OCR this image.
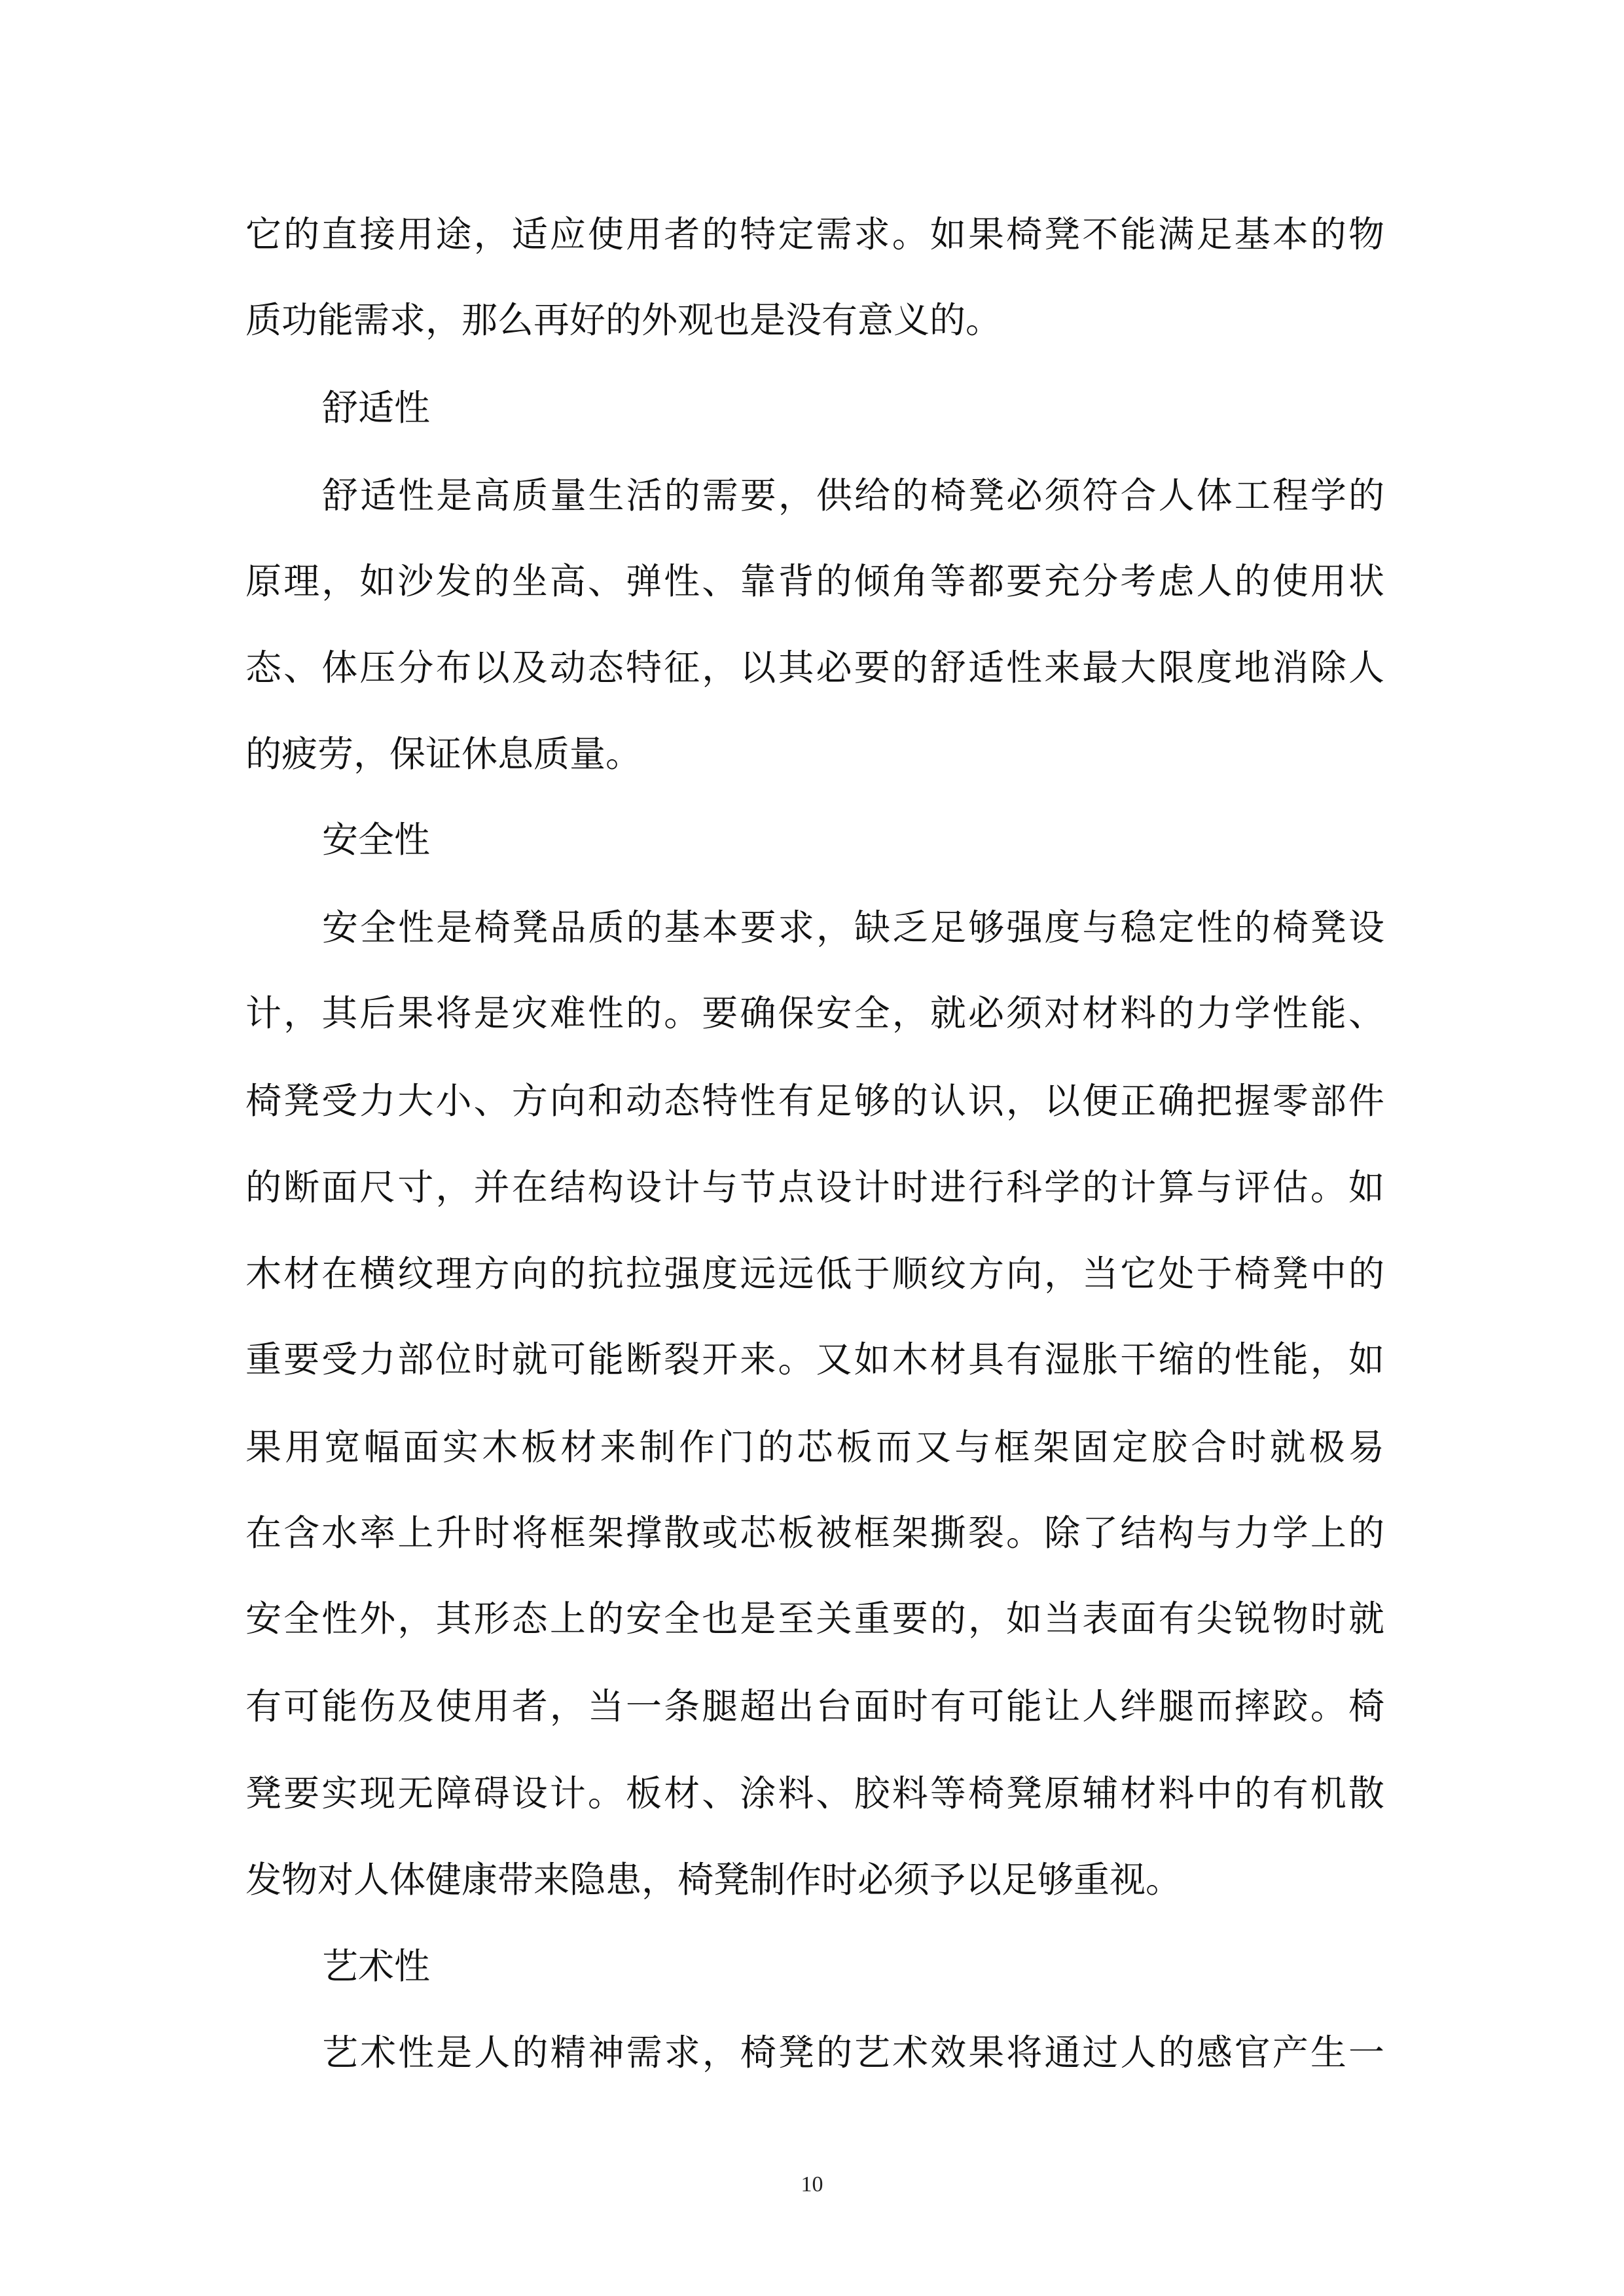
它的直接用途，适应使用者的特定需求。如果椅凳不能满足基本的物
质功能需求，那么再好的外观也是没有意义的。
舒适性
舒适性是高质量生活的需要，供给的椅凳必须符合人体工程学的
原理，如沙发的坐高、弹性、靠背的倾角等都要充分考虑人的使用状
态、体压分布以及动态特征，以其必要的舒适性来最大限度地消除人
的疲劳，保证休息质量。
安全性
安全性是椅凳品质的基本要求，缺乏足够强度与稳定性的椅凳设
计，其后果将是灾难性的。要确保安全，就必须对材料的力学性能、
椅凳受力大小、方向和动态特性有足够的认识，以便正确把握零部件
的断面尺寸，并在结构设计与节点设计时进行科学的计算与评估。如
木材在横纹理方向的抗拉强度远远低于顺纹方向，当它处于椅凳中的
重要受力部位时就可能断裂开来。又如木材具有湿胀干缩的性能，如
果用宽幅面实木板材来制作门的芯板而又与框架固定胶合时就极易
在含水率上升时将框架撑散或芯板被框架撕裂。除了结构与力学上的
安全性外，其形态上的安全也是至关重要的，如当表面有尖锐物时就
有可能伤及使用者，当一条腿超出台面时有可能让人绊腿而摔跤。椅
凳要实现无障碍设计。板材、涂料、胶料等椅凳原辅材料中的有机散
发物对人体健康带来隐患，椅凳制作时必须予以足够重视。
艺术性
艺术性是人的精神需求，椅凳的艺术效果将通过人的感官产生一
10
